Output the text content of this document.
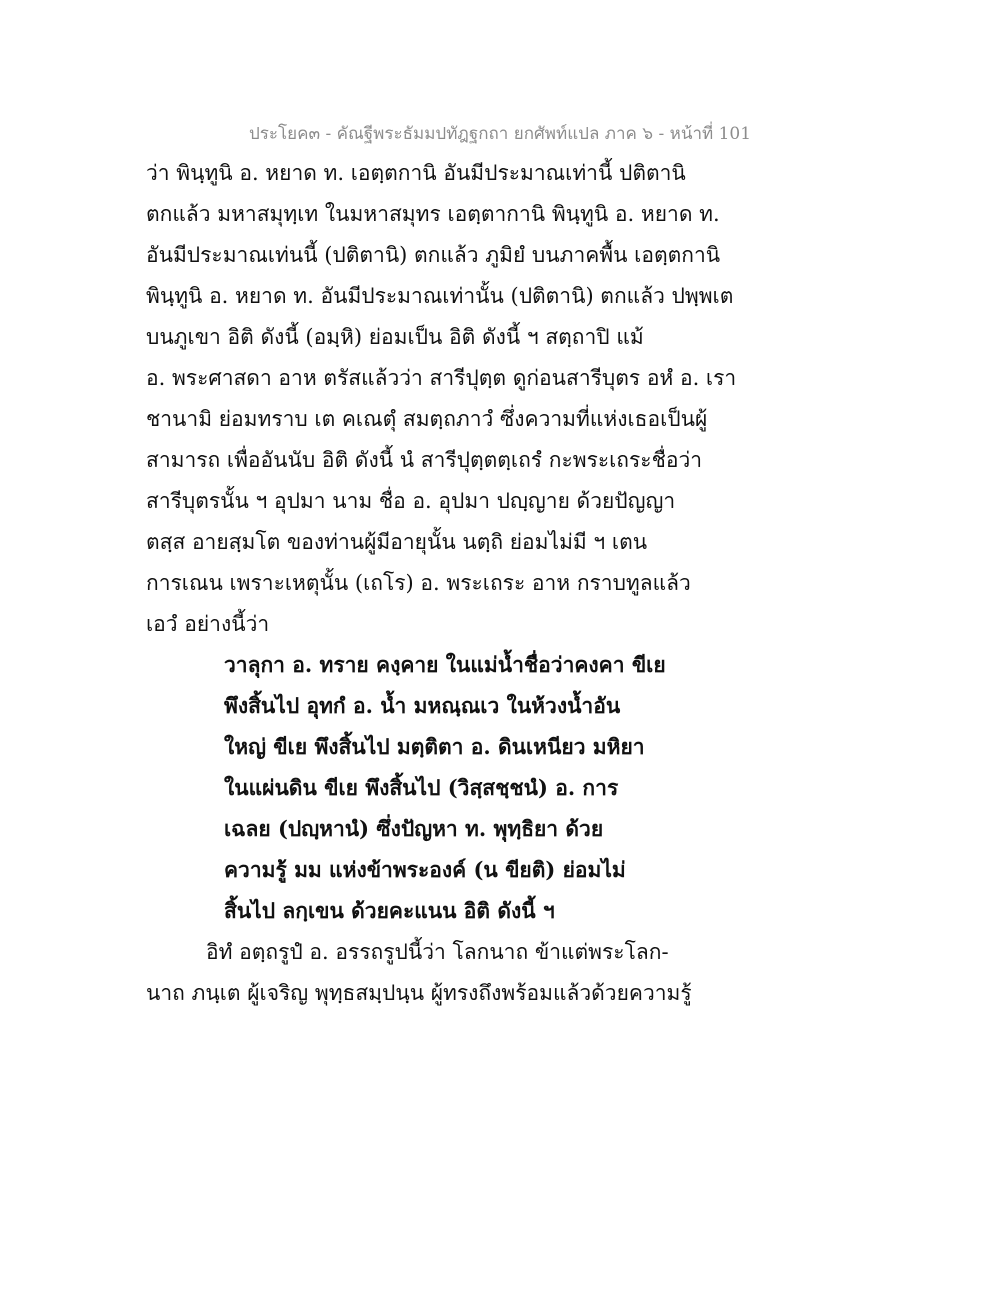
ประโยค๓ - คัณฐีพระธัมมปทัฎฐกถา ยกศัพท์แปล ภาค ๖ - หน้าที่ 101
ว่า พินฺทูนิ อ. หยาด ท. เอตฺตกานิ อันมีประมาณเท่านี้ ปติตานิ
ตกแล้ว มหาสมุทฺเท ในมหาสมุทร เอตฺตากานิ พินฺทูนิ อ. หยาด ท.
อันมีประมาณเท่นนี้ (ปติตานิ) ตกแล้ว ภูมิยํ บนภาคพื้น เอตฺตกานิ
พินฺทูนิ อ. หยาด ท. อันมีประมาณเท่านั้น (ปติตานิ) ตกแล้ว ปพฺพเต
บนภูเขา อิติ ดังนี้ (อมฺหิ) ย่อมเป็น อิติ ดังนี้ ฯ สตฺถาปิ แม้
อ. พระศาสดา อาห ตรัสแล้วว่า สารีปุตฺต ดูก่อนสารีบุตร อหํ อ. เรา
ชานามิ ย่อมทราบ เต คเณตุํ สมตฺถภาวํ ซึ่งความที่แห่งเธอเป็นผู้
สามารถ เพื่ออันนับ อิติ ดังนี้ นํ สารีปุตฺตตฺเถรํ กะพระเถระชื่อว่า
สารีบุตรนั้น ฯ อุปมา นาม ชื่อ อ. อุปมา ปญฺญาย ด้วยปัญญา
ตสฺส อายสฺมโต ของท่านผู้มีอายุนั้น นตฺถิ ย่อมไม่มี ฯ เตน
การเณน เพราะเหตุนั้น (เถโร) อ. พระเถระ อาห กราบทูลแล้ว
เอวํ อย่างนี้ว่า
วาลุกา อ. ทราย คงฺคาย ในแม่น้ำชื่อว่าคงคา ขีเย
พึงสิ้นไป อุทกํ อ. น้ำ มหณฺณเว ในห้วงน้ำอัน
ใหญ่ ขีเย พึงสิ้นไป มตฺติตา อ. ดินเหนียว มหิยา
ในแผ่นดิน ขีเย พึงสิ้นไป (วิสฺสชฺชนํ) อ. การ
เฉลย (ปญฺหานํ) ซึ่งปัญหา ท. พุทฺธิยา ด้วย
ความรู้ มม แห่งข้าพระองค์ (น ขียติ) ย่อมไม่
สิ้นไป ลกฺเขน ด้วยคะแนน อิติ ดังนี้ ฯ
อิทํ อตฺถรูปํ อ. อรรถรูปนี้ว่า โลกนาถ ข้าแต่พระโลก-
นาถ ภนฺเต ผู้เจริญ พุทฺธสมฺปนฺน ผู้ทรงถึงพร้อมแล้วด้วยความรู้
